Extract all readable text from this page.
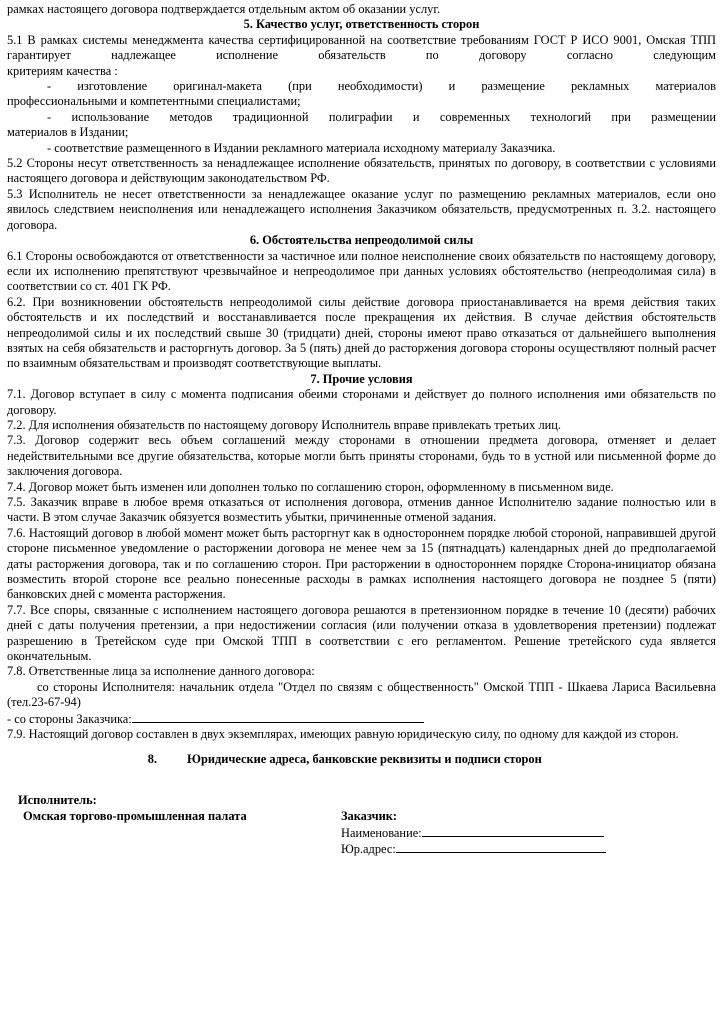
рамках настоящего договора подтверждается отдельным актом об оказании услуг.

5. Качество услуг, ответственность сторон

5.1 В рамках системы менеджмента качества сертифицированной на соответствие требованиям ГОСТ Р ИСО 9001, Омская ТПП гарантирует надлежащее исполнение обязательств по договору согласно следующим

критериям качества :

- изготовление оригинал-макета (при необходимости) и размещение рекламных материалов

профессиональными и компетентными специалистами;

- использование методов традиционной полиграфии и современных технологий при размещении

материалов в Издании;

- соответствие размещенного в Издании рекламного материала исходному материалу Заказчика.

5.2 Стороны несут ответственность за ненадлежащее исполнение обязательств, принятых по договору, в соответствии с условиями настоящего договора и действующим законодательством РФ.

5.3 Исполнитель не несет ответственности за ненадлежащее оказание услуг по размещению рекламных материалов, если оно явилось следствием неисполнения или ненадлежащего исполнения Заказчиком обязательств, предусмотренных п. 3.2. настоящего договора.

6. Обстоятельства непреодолимой силы

6.1 Стороны освобождаются от ответственности за частичное или полное неисполнение своих обязательств по настоящему договору, если их исполнению препятствуют чрезвычайное и непреодолимое при данных условиях обстоятельство (непреодолимая сила) в соответствии со ст. 401 ГК РФ.

6.2. При возникновении обстоятельств непреодолимой силы действие договора приостанавливается на время действия таких обстоятельств и их последствий и восстанавливается после прекращения их действия. В случае действия обстоятельств непреодолимой силы и их последствий свыше 30 (тридцати) дней, стороны имеют право отказаться от дальнейшего выполнения взятых на себя обязательств и расторгнуть договор. За 5 (пять) дней до расторжения договора стороны осуществляют полный расчет по взаимным обязательствам и производят соответствующие выплаты.

7. Прочие условия

7.1. Договор вступает в силу с момента подписания обеими сторонами и действует до полного исполнения ими обязательств по договору.

7.2. Для исполнения обязательств по настоящему договору Исполнитель вправе привлекать третьих лиц.

7.3. Договор содержит весь объем соглашений между сторонами в отношении предмета договора, отменяет и делает недействительными все другие обязательства, которые могли быть приняты сторонами, будь то в устной или письменной форме до заключения договора.

7.4. Договор может быть изменен или дополнен только по соглашению сторон, оформленному в письменном виде.

7.5. Заказчик вправе в любое время отказаться от исполнения договора, отменив данное Исполнителю задание полностью или в части. В этом случае Заказчик обязуется возместить убытки, причиненные отменой задания.

7.6. Настоящий договор в любой момент может быть расторгнут как в одностороннем порядке любой стороной, направившей другой стороне письменное уведомление о расторжении договора не менее чем за 15 (пятнадцать) календарных дней до предполагаемой даты расторжения договора, так и по соглашению сторон. При расторжении в одностороннем порядке Сторона-инициатор обязана возместить второй стороне все реально понесенные расходы в рамках исполнения настоящего договора не позднее 5 (пяти) банковских дней с момента расторжения.

7.7. Все споры, связанные с исполнением настоящего договора решаются в претензионном порядке в течение 10 (десяти) рабочих дней с даты получения претензии, а при недостижении согласия (или получении отказа в удовлетворения претензии) подлежат разрешению в Третейском суде при Омской ТПП в соответствии с его регламентом. Решение третейского суда является окончательным.

7.8. Ответственные лица за исполнение данного договора:

со стороны Исполнителя: начальник отдела "Отдел по связям с общественность" Омской ТПП - Шкаева Лариса Васильевна (тел.23-67-94)

- со стороны Заказчика:

7.9. Настоящий договор составлен в двух экземплярах, имеющих равную юридическую силу, по одному для каждой из сторон.

8. Юридические адреса, банковские реквизиты и подписи сторон
Исполнитель:
Омская торгово-промышленная палата	Заказчик:
Наименование:
Юр.адрес:
